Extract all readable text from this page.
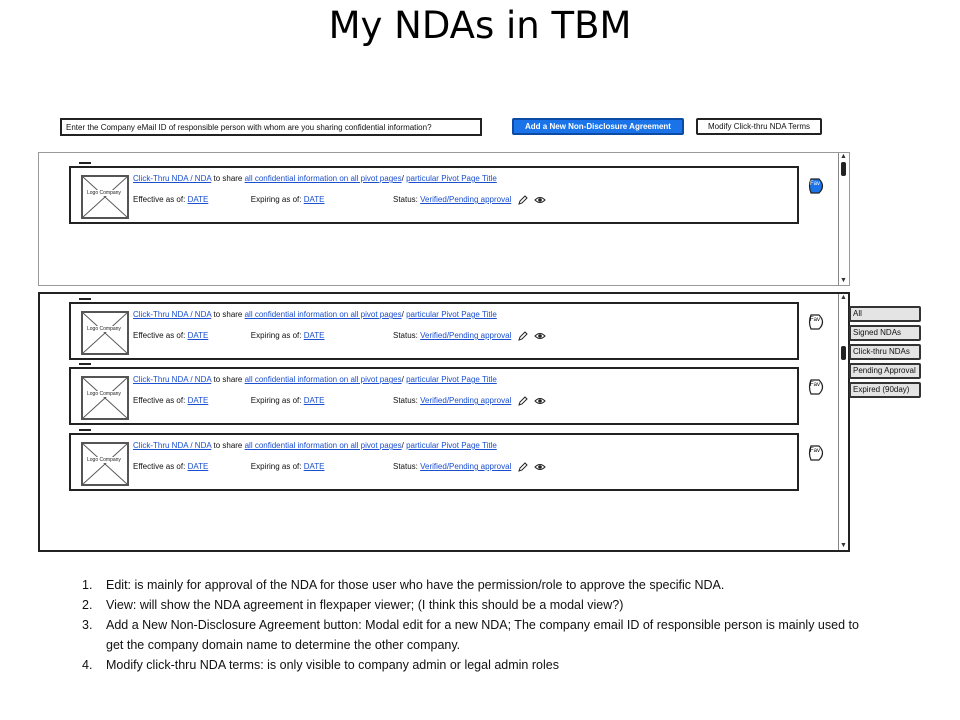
My NDAs in TBM
Enter the Company eMail ID of responsible person with whom are you sharing confidential information?
Add a New Non-Disclosure Agreement	Modify Click-thru NDA Terms
▲
▼
▲
▼
Logo Company
Click-Thru NDA / NDA to share all confidential information on all pivot pages/ particular Pivot Page Title
Effective as of: DATE	Expiring as of: DATE	Status: Verified/Pending approval
Fav
Logo Company
Click-Thru NDA / NDA to share all confidential information on all pivot pages/ particular Pivot Page Title
Effective as of: DATE	Expiring as of: DATE	Status: Verified/Pending approval
Fav
Logo Company
Click-Thru NDA / NDA to share all confidential information on all pivot pages/ particular Pivot Page Title
Effective as of: DATE	Expiring as of: DATE	Status: Verified/Pending approval
Fav
Logo Company
Click-Thru NDA / NDA to share all confidential information on all pivot pages/ particular Pivot Page Title
Effective as of: DATE	Expiring as of: DATE	Status: Verified/Pending approval
Fav
All
Signed NDAs
Click-thru NDAs
Pending Approval
Expired (90day)
1. Edit: is mainly for approval of the NDA for those user who have the permission/role to approve the specific NDA.
2. View: will show the NDA agreement in flexpaper viewer; (I think this should be a modal view?)
3. Add a New Non-Disclosure Agreement button: Modal edit for a new NDA; The company email ID of responsible person is mainly used to get the company domain name to determine the other company.
4. Modify click-thru NDA terms: is only visible to company admin or legal admin roles
